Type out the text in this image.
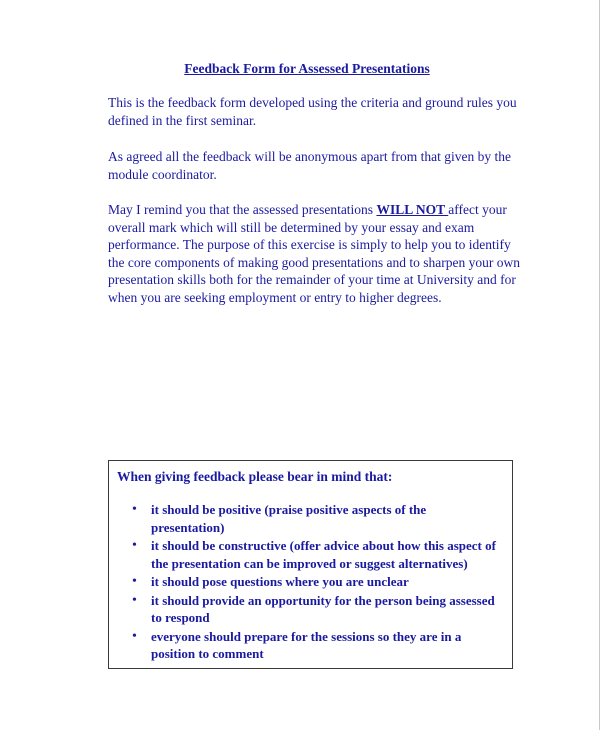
Feedback Form for Assessed Presentations

This is the feedback form developed using the criteria and ground rules you defined in the first seminar.

As agreed all the feedback will be anonymous apart from that given by the module coordinator.

May I remind you that the assessed presentations WILL NOT affect your overall mark which will still be determined by your essay and exam performance. The purpose of this exercise is simply to help you to identify the core components of making good presentations and to sharpen your own presentation skills both for the remainder of your time at University and for when you are seeking employment or entry to higher degrees.

When giving feedback please bear in mind that:
• it should be positive (praise positive aspects of the presentation)
• it should be constructive (offer advice about how this aspect of the presentation can be improved or suggest alternatives)
• it should pose questions where you are unclear
• it should provide an opportunity for the person being assessed to respond
• everyone should prepare for the sessions so they are in a position to comment
